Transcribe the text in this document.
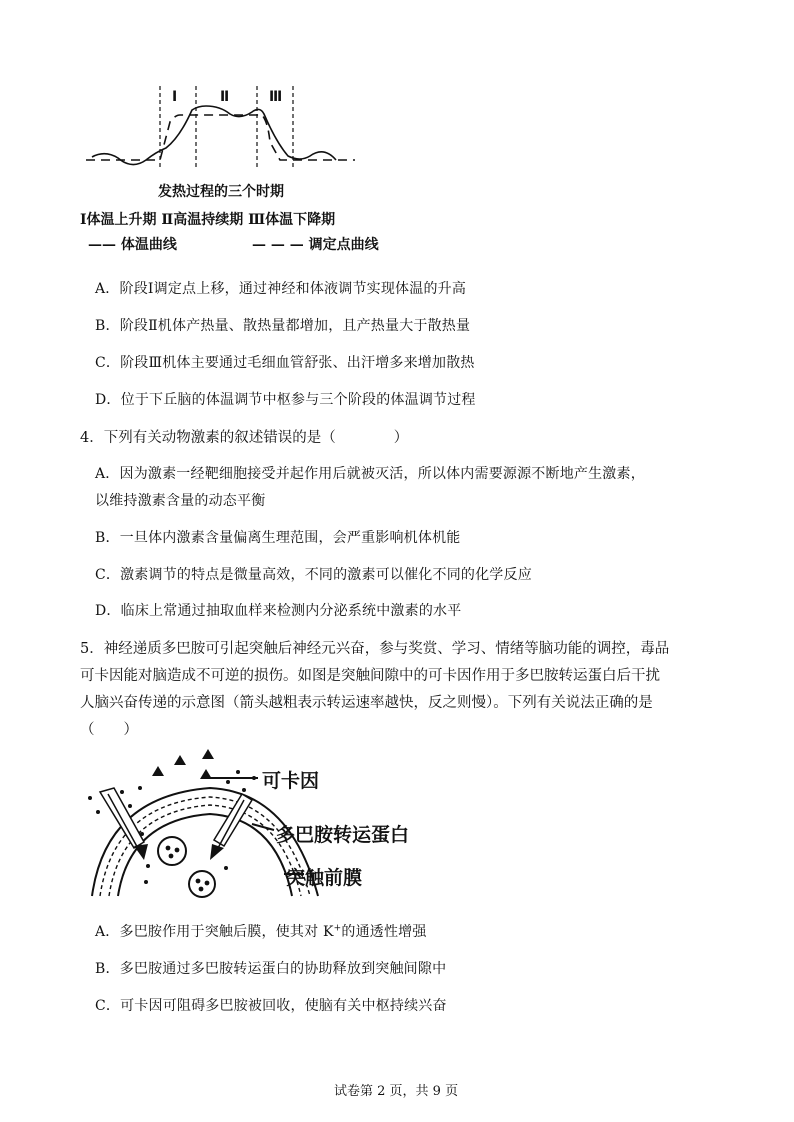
Ⅰ	Ⅱ	Ⅲ
发热过程的三个时期
Ⅰ体温上升期 Ⅱ高温持续期 Ⅲ体温下降期
—— 体温曲线	— — — 调定点曲线
A．阶段Ⅰ调定点上移，通过神经和体液调节实现体温的升高
B．阶段Ⅱ机体产热量、散热量都增加，且产热量大于散热量
C．阶段Ⅲ机体主要通过毛细血管舒张、出汗增多来增加散热
D．位于下丘脑的体温调节中枢参与三个阶段的体温调节过程
4．下列有关动物激素的叙述错误的是（　　　　）
A．因为激素一经靶细胞接受并起作用后就被灭活，所以体内需要源源不断地产生激素，
以维持激素含量的动态平衡
B．一旦体内激素含量偏离生理范围，会严重影响机体机能
C．激素调节的特点是微量高效，不同的激素可以催化不同的化学反应
D．临床上常通过抽取血样来检测内分泌系统中激素的水平
5．神经递质多巴胺可引起突触后神经元兴奋，参与奖赏、学习、情绪等脑功能的调控，毒品
可卡因能对脑造成不可逆的损伤。如图是突触间隙中的可卡因作用于多巴胺转运蛋白后干扰
人脑兴奋传递的示意图（箭头越粗表示转运速率越快，反之则慢）。下列有关说法正确的是
（　　）
可卡因
多巴胺转运蛋白
突触前膜
A．多巴胺作用于突触后膜，使其对 K+的通透性增强
B．多巴胺通过多巴胺转运蛋白的协助释放到突触间隙中
C．可卡因可阻碍多巴胺被回收，使脑有关中枢持续兴奋
试卷第 2 页，共 9 页
